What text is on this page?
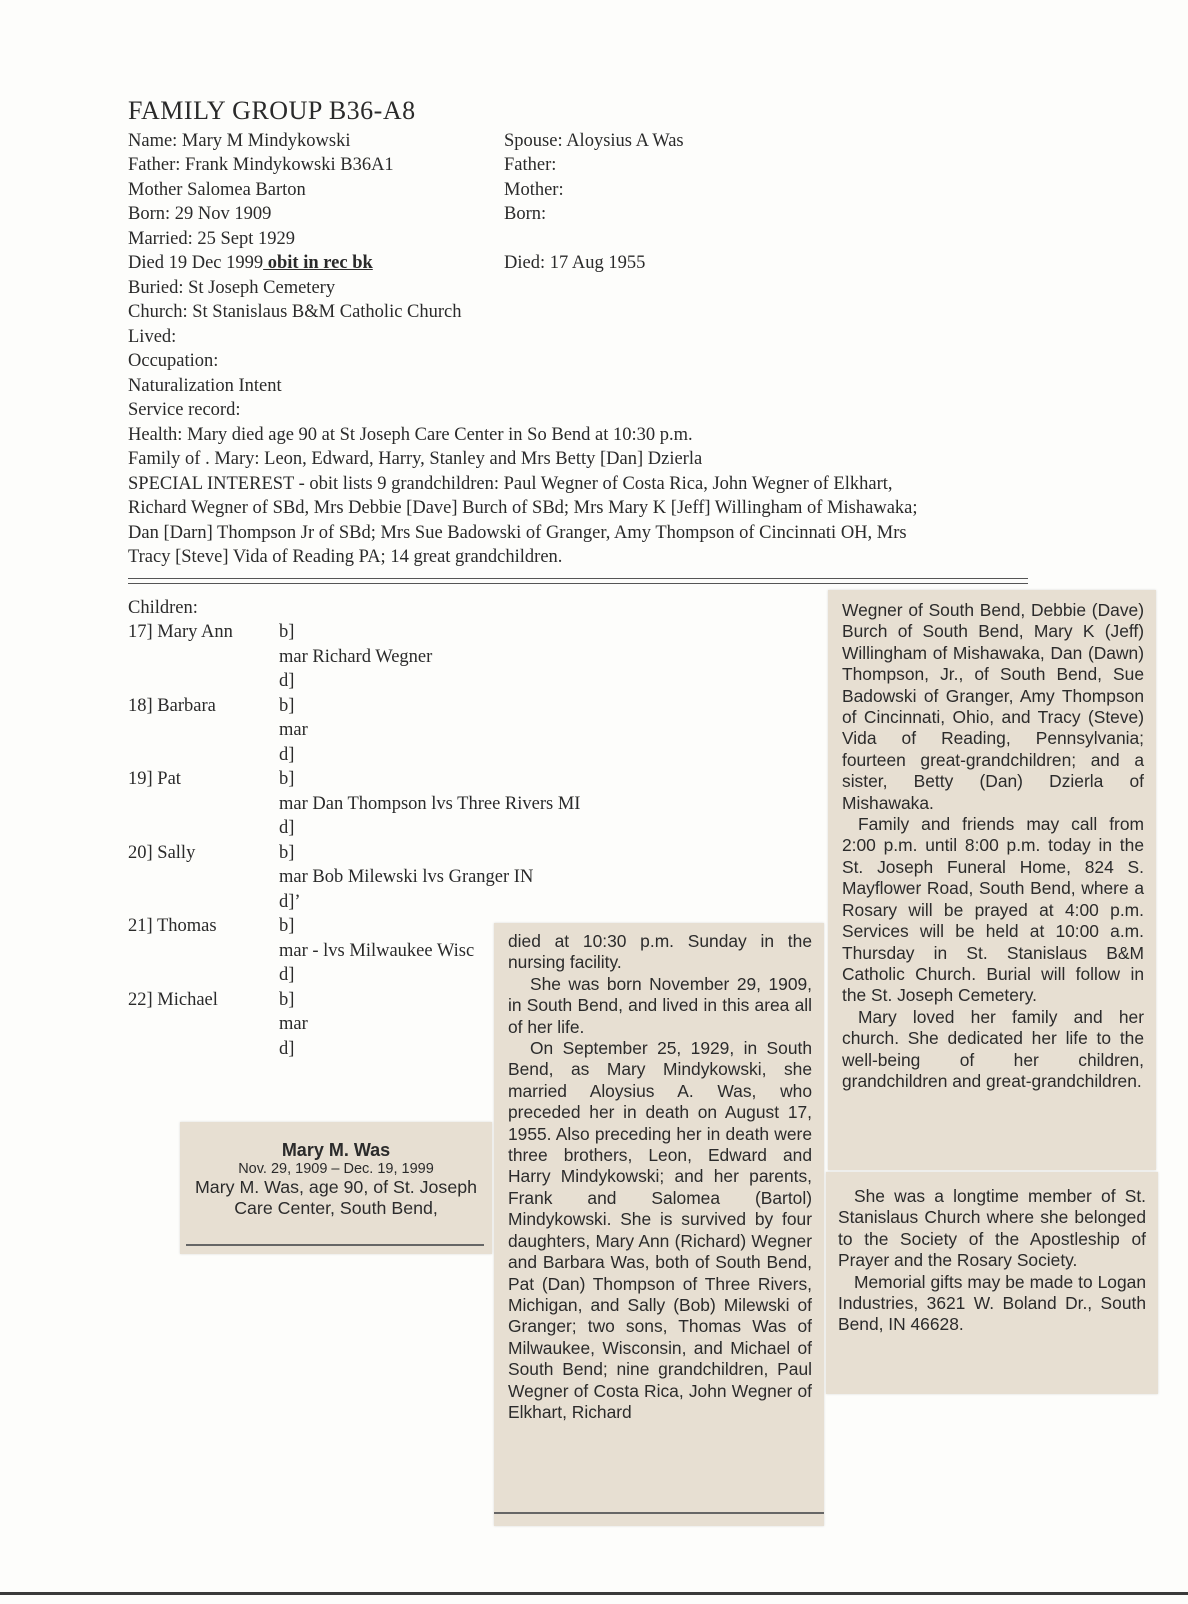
FAMILY GROUP B36-A8
Name: Mary M Mindykowski
Father: Frank Mindykowski B36A1
Mother Salomea Barton
Born: 29 Nov 1909
Married: 25 Sept 1929
Died 19 Dec 1999 obit in rec bk
Buried: St Joseph Cemetery
Church: St Stanislaus B&M Catholic Church
Lived:
Occupation:
Naturalization Intent
Service record:
Spouse: Aloysius A Was
Father:
Mother:
Born:
Died: 17 Aug 1955
Health: Mary died age 90 at St Joseph Care Center in So Bend at 10:30 p.m.
Family of . Mary: Leon, Edward, Harry, Stanley and Mrs Betty [Dan] Dzierla
SPECIAL INTEREST - obit lists 9 grandchildren: Paul Wegner of Costa Rica, John Wegner of Elkhart,
Richard Wegner of SBd, Mrs Debbie [Dave] Burch of SBd; Mrs Mary K [Jeff] Willingham of Mishawaka;
Dan [Darn] Thompson Jr of SBd; Mrs Sue Badowski of Granger, Amy Thompson of Cincinnati OH, Mrs
Tracy [Steve] Vida of Reading PA; 14 great grandchildren.
Children:
17] Mary Ann b]
mar Richard Wegner
d]
18] Barbara	b]
mar
d]
19] Pat	b]
mar Dan Thompson lvs Three Rivers MI
d]
20] Sally	b]
mar Bob Milewski lvs Granger IN
d]’
21] Thomas	b]
mar - lvs Milwaukee Wisc
d]
22] Michael	b]
mar
d]

Mary M. Was

Nov. 29, 1909 – Dec. 19, 1999

Mary M. Was, age 90, of St. Joseph Care Center, South Bend,

died at 10:30 p.m. Sunday in the nursing facility.

She was born November 29, 1909, in South Bend, and lived in this area all of her life.

On September 25, 1929, in South Bend, as Mary Mindykowski, she married Aloysius A. Was, who preceded her in death on August 17, 1955. Also preceding her in death were three brothers, Leon, Edward and Harry Mindykowski; and her parents, Frank and Salomea (Bartol) Mindykowski. She is survived by four daughters, Mary Ann (Richard) Wegner and Barbara Was, both of South Bend, Pat (Dan) Thompson of Three Rivers, Michigan, and Sally (Bob) Milewski of Granger; two sons, Thomas Was of Milwaukee, Wisconsin, and Michael of South Bend; nine grandchildren, Paul Wegner of Costa Rica, John Wegner of Elkhart, Richard

Wegner of South Bend, Debbie (Dave) Burch of South Bend, Mary K (Jeff) Willingham of Mishawaka, Dan (Dawn) Thompson, Jr., of South Bend, Sue Badowski of Granger, Amy Thompson of Cincinnati, Ohio, and Tracy (Steve) Vida of Reading, Pennsylvania; fourteen great-grandchildren; and a sister, Betty (Dan) Dzierla of Mishawaka.

Family and friends may call from 2:00 p.m. until 8:00 p.m. today in the St. Joseph Funeral Home, 824 S. Mayflower Road, South Bend, where a Rosary will be prayed at 4:00 p.m. Services will be held at 10:00 a.m. Thursday in St. Stanislaus B&M Catholic Church. Burial will follow in the St. Joseph Cemetery.

Mary loved her family and her church. She dedicated her life to the well-being of her children, grandchildren and great-grandchildren.

She was a longtime member of St. Stanislaus Church where she belonged to the Society of the Apostleship of Prayer and the Rosary Society.

Memorial gifts may be made to Logan Industries, 3621 W. Boland Dr., South Bend, IN 46628.
